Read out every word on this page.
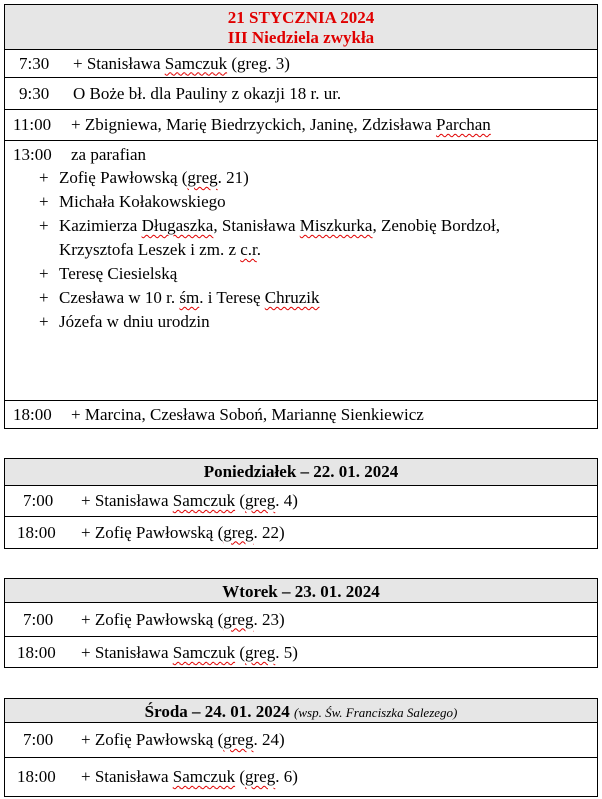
21 STYCZNIA 2024
III Niedziela zwykła
7:30 + Stanisława Samczuk (greg. 3)
9:30 O Boże bł. dla Pauliny z okazji 18 r. ur.
11:00 + Zbigniewa, Marię Biedrzyckich, Janinę, Zdzisława Parchan
13:00 za parafian
+ Zofię Pawłowską (greg. 21)
+ Michała Kołakowskiego
+ Kazimierza Długaszka, Stanisława Miszkurka, Zenobię Bordzoł,
Krzysztofa Leszek i zm. z c.r.
+ Teresę Ciesielską
+ Czesława w 10 r. śm. i Teresę Chruzik
+ Józefa w dniu urodzin
18:00 + Marcina, Czesława Soboń, Mariannę Sienkiewicz
Poniedziałek – 22. 01. 2024
7:00 + Stanisława Samczuk (greg. 4)
18:00 + Zofię Pawłowską (greg. 22)
Wtorek – 23. 01. 2024
7:00 + Zofię Pawłowską (greg. 23)
18:00 + Stanisława Samczuk (greg. 5)
Środa – 24. 01. 2024 (wsp. Św. Franciszka Salezego)
7:00 + Zofię Pawłowską (greg. 24)
18:00 + Stanisława Samczuk (greg. 6)
